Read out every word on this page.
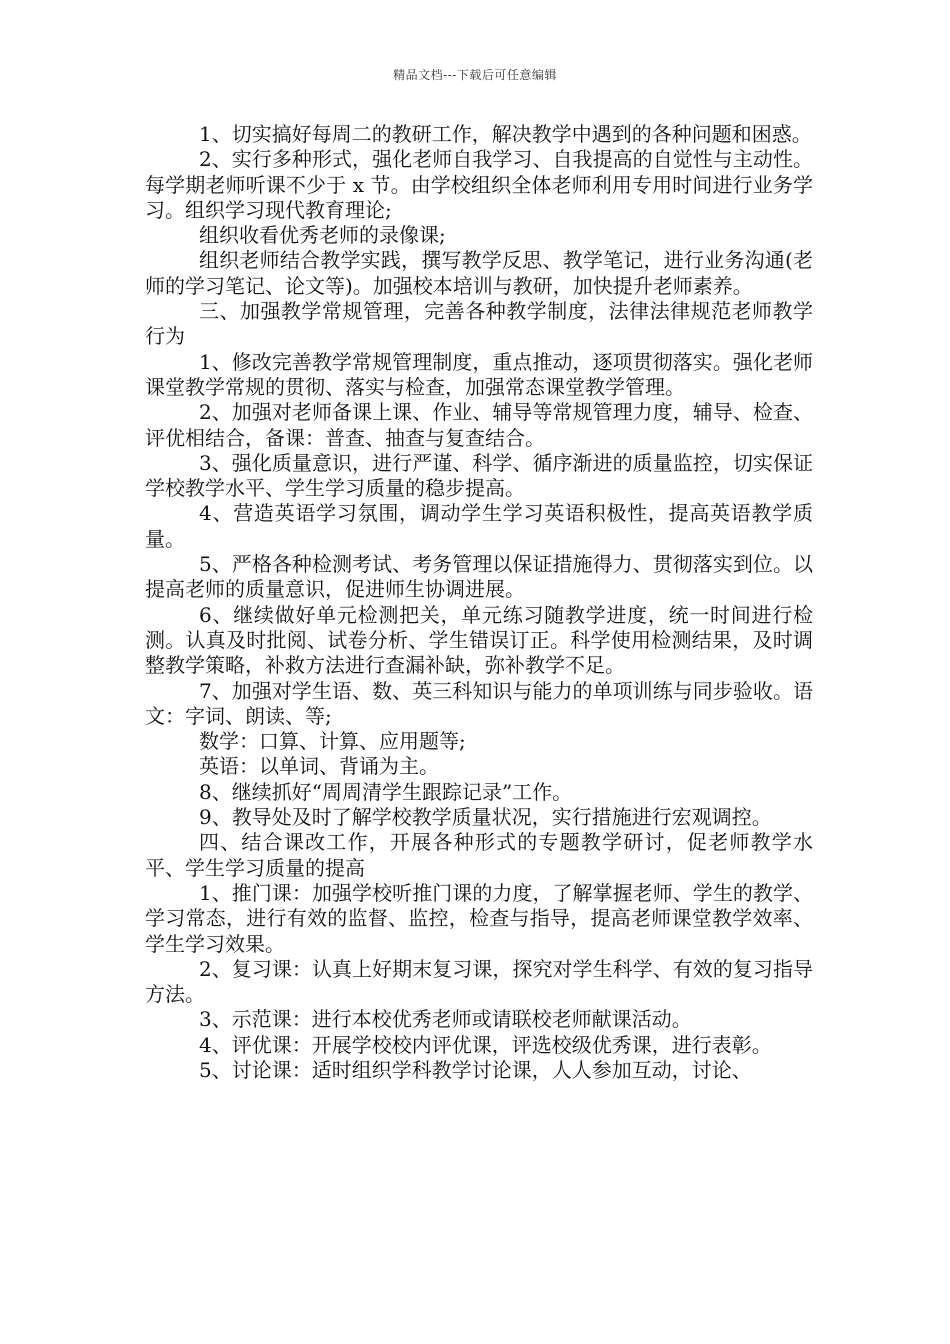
精品文档---下载后可任意编辑

1、切实搞好每周二的教研工作，解决教学中遇到的各种问题和困惑。

2、实行多种形式，强化老师自我学习、自我提高的自觉性与主动性。每学期老师听课不少于 x 节。由学校组织全体老师利用专用时间进行业务学习。组织学习现代教育理论;

组织收看优秀老师的录像课;

组织老师结合教学实践，撰写教学反思、教学笔记，进行业务沟通(老师的学习笔记、论文等)。加强校本培训与教研，加快提升老师素养。

三、加强教学常规管理，完善各种教学制度，法律法律规范老师教学行为

1、修改完善教学常规管理制度，重点推动，逐项贯彻落实。强化老师课堂教学常规的贯彻、落实与检查，加强常态课堂教学管理。

2、加强对老师备课上课、作业、辅导等常规管理力度，辅导、检查、评优相结合，备课：普查、抽查与复查结合。

3、强化质量意识，进行严谨、科学、循序渐进的质量监控，切实保证学校教学水平、学生学习质量的稳步提高。

4、营造英语学习氛围，调动学生学习英语积极性，提高英语教学质量。

5、严格各种检测考试、考务管理以保证措施得力、贯彻落实到位。以提高老师的质量意识，促进师生协调进展。

6、继续做好单元检测把关，单元练习随教学进度，统一时间进行检测。认真及时批阅、试卷分析、学生错误订正。科学使用检测结果，及时调整教学策略，补救方法进行查漏补缺，弥补教学不足。

7、加强对学生语、数、英三科知识与能力的单项训练与同步验收。语文：字词、朗读、等;

数学：口算、计算、应用题等;

英语：以单词、背诵为主。

8、继续抓好“周周清学生跟踪记录”工作。

9、教导处及时了解学校教学质量状况，实行措施进行宏观调控。

四、结合课改工作，开展各种形式的专题教学研讨，促老师教学水平、学生学习质量的提高

1、推门课：加强学校听推门课的力度，了解掌握老师、学生的教学、学习常态，进行有效的监督、监控，检查与指导，提高老师课堂教学效率、学生学习效果。

2、复习课：认真上好期末复习课，探究对学生科学、有效的复习指导方法。

3、示范课：进行本校优秀老师或请联校老师献课活动。

4、评优课：开展学校校内评优课，评选校级优秀课，进行表彰。

5、讨论课：适时组织学科教学讨论课，人人参加互动，讨论、
